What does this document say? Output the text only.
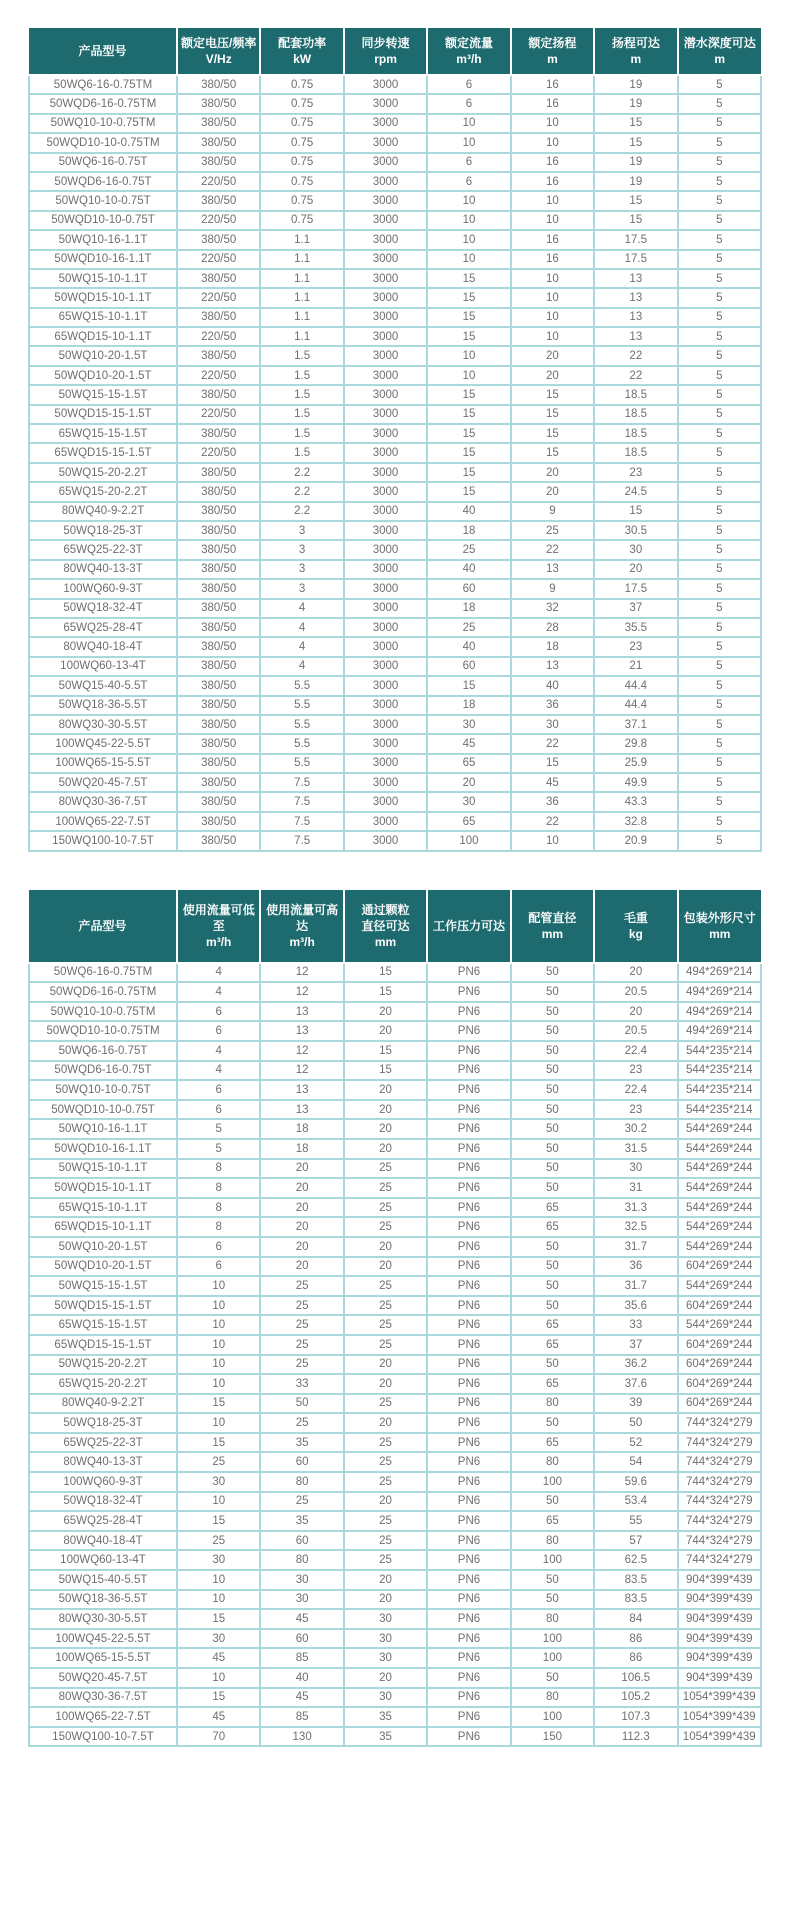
产品型号

额定电压/频率
V/Hz

配套功率
kW

同步转速
rpm

额定流量
m³/h

额定扬程
m

扬程可达
m

潜水深度可达
m

50WQ6-16-0.75TM	380/50	0.75	3000	6	16	19	5
50WQD6-16-0.75TM	380/50	0.75	3000	6	16	19	5
50WQ10-10-0.75TM	380/50	0.75	3000	10	10	15	5
50WQD10-10-0.75TM	380/50	0.75	3000	10	10	15	5
50WQ6-16-0.75T	380/50	0.75	3000	6	16	19	5
50WQD6-16-0.75T	220/50	0.75	3000	6	16	19	5
50WQ10-10-0.75T	380/50	0.75	3000	10	10	15	5
50WQD10-10-0.75T	220/50	0.75	3000	10	10	15	5
50WQ10-16-1.1T	380/50	1.1	3000	10	16	17.5	5
50WQD10-16-1.1T	220/50	1.1	3000	10	16	17.5	5
50WQ15-10-1.1T	380/50	1.1	3000	15	10	13	5
50WQD15-10-1.1T	220/50	1.1	3000	15	10	13	5
65WQ15-10-1.1T	380/50	1.1	3000	15	10	13	5
65WQD15-10-1.1T	220/50	1.1	3000	15	10	13	5
50WQ10-20-1.5T	380/50	1.5	3000	10	20	22	5
50WQD10-20-1.5T	220/50	1.5	3000	10	20	22	5
50WQ15-15-1.5T	380/50	1.5	3000	15	15	18.5	5
50WQD15-15-1.5T	220/50	1.5	3000	15	15	18.5	5
65WQ15-15-1.5T	380/50	1.5	3000	15	15	18.5	5
65WQD15-15-1.5T	220/50	1.5	3000	15	15	18.5	5
50WQ15-20-2.2T	380/50	2.2	3000	15	20	23	5
65WQ15-20-2.2T	380/50	2.2	3000	15	20	24.5	5
80WQ40-9-2.2T	380/50	2.2	3000	40	9	15	5
50WQ18-25-3T	380/50	3	3000	18	25	30.5	5
65WQ25-22-3T	380/50	3	3000	25	22	30	5
80WQ40-13-3T	380/50	3	3000	40	13	20	5
100WQ60-9-3T	380/50	3	3000	60	9	17.5	5
50WQ18-32-4T	380/50	4	3000	18	32	37	5
65WQ25-28-4T	380/50	4	3000	25	28	35.5	5
80WQ40-18-4T	380/50	4	3000	40	18	23	5
100WQ60-13-4T	380/50	4	3000	60	13	21	5
50WQ15-40-5.5T	380/50	5.5	3000	15	40	44.4	5
50WQ18-36-5.5T	380/50	5.5	3000	18	36	44.4	5
80WQ30-30-5.5T	380/50	5.5	3000	30	30	37.1	5
100WQ45-22-5.5T	380/50	5.5	3000	45	22	29.8	5
100WQ65-15-5.5T	380/50	5.5	3000	65	15	25.9	5
50WQ20-45-7.5T	380/50	7.5	3000	20	45	49.9	5
80WQ30-36-7.5T	380/50	7.5	3000	30	36	43.3	5
100WQ65-22-7.5T	380/50	7.5	3000	65	22	32.8	5
150WQ100-10-7.5T	380/50	7.5	3000	100	10	20.9	5
产品型号

使用流量可低至
m³/h

使用流量可高达
m³/h

通过颗粒
直径可达
mm

工作压力可达

配管直径
mm

毛重
kg

包装外形尺寸
mm

50WQ6-16-0.75TM	4	12	15	PN6	50	20	494*269*214
50WQD6-16-0.75TM	4	12	15	PN6	50	20.5	494*269*214
50WQ10-10-0.75TM	6	13	20	PN6	50	20	494*269*214
50WQD10-10-0.75TM	6	13	20	PN6	50	20.5	494*269*214
50WQ6-16-0.75T	4	12	15	PN6	50	22.4	544*235*214
50WQD6-16-0.75T	4	12	15	PN6	50	23	544*235*214
50WQ10-10-0.75T	6	13	20	PN6	50	22.4	544*235*214
50WQD10-10-0.75T	6	13	20	PN6	50	23	544*235*214
50WQ10-16-1.1T	5	18	20	PN6	50	30.2	544*269*244
50WQD10-16-1.1T	5	18	20	PN6	50	31.5	544*269*244
50WQ15-10-1.1T	8	20	25	PN6	50	30	544*269*244
50WQD15-10-1.1T	8	20	25	PN6	50	31	544*269*244
65WQ15-10-1.1T	8	20	25	PN6	65	31.3	544*269*244
65WQD15-10-1.1T	8	20	25	PN6	65	32.5	544*269*244
50WQ10-20-1.5T	6	20	20	PN6	50	31.7	544*269*244
50WQD10-20-1.5T	6	20	20	PN6	50	36	604*269*244
50WQ15-15-1.5T	10	25	25	PN6	50	31.7	544*269*244
50WQD15-15-1.5T	10	25	25	PN6	50	35.6	604*269*244
65WQ15-15-1.5T	10	25	25	PN6	65	33	544*269*244
65WQD15-15-1.5T	10	25	25	PN6	65	37	604*269*244
50WQ15-20-2.2T	10	25	20	PN6	50	36.2	604*269*244
65WQ15-20-2.2T	10	33	20	PN6	65	37.6	604*269*244
80WQ40-9-2.2T	15	50	25	PN6	80	39	604*269*244
50WQ18-25-3T	10	25	20	PN6	50	50	744*324*279
65WQ25-22-3T	15	35	25	PN6	65	52	744*324*279
80WQ40-13-3T	25	60	25	PN6	80	54	744*324*279
100WQ60-9-3T	30	80	25	PN6	100	59.6	744*324*279
50WQ18-32-4T	10	25	20	PN6	50	53.4	744*324*279
65WQ25-28-4T	15	35	25	PN6	65	55	744*324*279
80WQ40-18-4T	25	60	25	PN6	80	57	744*324*279
100WQ60-13-4T	30	80	25	PN6	100	62.5	744*324*279
50WQ15-40-5.5T	10	30	20	PN6	50	83.5	904*399*439
50WQ18-36-5.5T	10	30	20	PN6	50	83.5	904*399*439
80WQ30-30-5.5T	15	45	30	PN6	80	84	904*399*439
100WQ45-22-5.5T	30	60	30	PN6	100	86	904*399*439
100WQ65-15-5.5T	45	85	30	PN6	100	86	904*399*439
50WQ20-45-7.5T	10	40	20	PN6	50	106.5	904*399*439
80WQ30-36-7.5T	15	45	30	PN6	80	105.2	1054*399*439
100WQ65-22-7.5T	45	85	35	PN6	100	107.3	1054*399*439
150WQ100-10-7.5T	70	130	35	PN6	150	112.3	1054*399*439
